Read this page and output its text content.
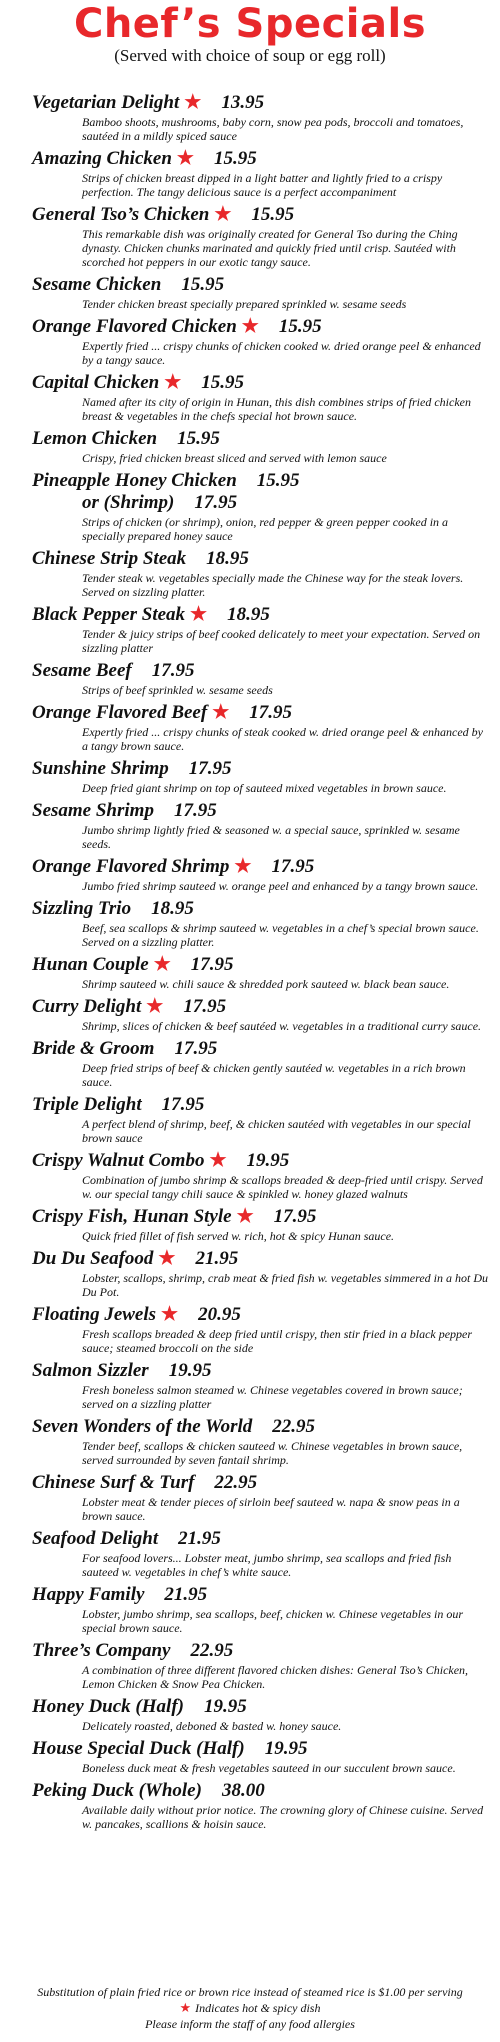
Chef’s Specials
(Served with choice of soup or egg roll)
Vegetarian Delight ★ 13.95
Bamboo shoots, mushrooms, baby corn, snow pea pods, broccoli and tomatoes, sautéed in a mildly spiced sauce
Amazing Chicken ★ 15.95
Strips of chicken breast dipped in a light batter and lightly fried to a crispy perfection. The tangy delicious sauce is a perfect accompaniment
General Tso’s Chicken ★ 15.95
This remarkable dish was originally created for General Tso during the Ching dynasty. Chicken chunks marinated and quickly fried until crisp. Sautéed with scorched hot peppers in our exotic tangy sauce.
Sesame Chicken 15.95
Tender chicken breast specially prepared sprinkled w. sesame seeds
Orange Flavored Chicken ★ 15.95
Expertly fried ... crispy chunks of chicken cooked w. dried orange peel & enhanced by a tangy sauce.
Capital Chicken ★ 15.95
Named after its city of origin in Hunan, this dish combines strips of fried chicken breast & vegetables in the chefs special hot brown sauce.
Lemon Chicken 15.95
Crispy, fried chicken breast sliced and served with lemon sauce
Pineapple Honey Chicken 15.95
or (Shrimp) 17.95
Strips of chicken (or shrimp), onion, red pepper & green pepper cooked in a specially prepared honey sauce
Chinese Strip Steak 18.95
Tender steak w. vegetables specially made the Chinese way for the steak lovers. Served on sizzling platter.
Black Pepper Steak ★ 18.95
Tender & juicy strips of beef cooked delicately to meet your expectation. Served on sizzling platter
Sesame Beef 17.95
Strips of beef sprinkled w. sesame seeds
Orange Flavored Beef ★ 17.95
Expertly fried ... crispy chunks of steak cooked w. dried orange peel & enhanced by a tangy brown sauce.
Sunshine Shrimp 17.95
Deep fried giant shrimp on top of sauteed mixed vegetables in brown sauce.
Sesame Shrimp 17.95
Jumbo shrimp lightly fried & seasoned w. a special sauce, sprinkled w. sesame seeds.
Orange Flavored Shrimp ★ 17.95
Jumbo fried shrimp sauteed w. orange peel and enhanced by a tangy brown sauce.
Sizzling Trio 18.95
Beef, sea scallops & shrimp sauteed w. vegetables in a chef’s special brown sauce. Served on a sizzling platter.
Hunan Couple ★ 17.95
Shrimp sauteed w. chili sauce & shredded pork sauteed w. black bean sauce.
Curry Delight ★ 17.95
Shrimp, slices of chicken & beef sautéed w. vegetables in a traditional curry sauce.
Bride & Groom 17.95
Deep fried strips of beef & chicken gently sautéed w. vegetables in a rich brown sauce.
Triple Delight 17.95
A perfect blend of shrimp, beef, & chicken sautéed with vegetables in our special brown sauce
Crispy Walnut Combo ★ 19.95
Combination of jumbo shrimp & scallops breaded & deep-fried until crispy. Served w. our special tangy chili sauce & spinkled w. honey glazed walnuts
Crispy Fish, Hunan Style ★ 17.95
Quick fried fillet of fish served w. rich, hot & spicy Hunan sauce.
Du Du Seafood ★ 21.95
Lobster, scallops, shrimp, crab meat & fried fish w. vegetables simmered in a hot Du Du Pot.
Floating Jewels ★ 20.95
Fresh scallops breaded & deep fried until crispy, then stir fried in a black pepper sauce; steamed broccoli on the side
Salmon Sizzler 19.95
Fresh boneless salmon steamed w. Chinese vegetables covered in brown sauce; served on a sizzling platter
Seven Wonders of the World 22.95
Tender beef, scallops & chicken sauteed w. Chinese vegetables in brown sauce, served surrounded by seven fantail shrimp.
Chinese Surf & Turf 22.95
Lobster meat & tender pieces of sirloin beef sauteed w. napa & snow peas in a brown sauce.
Seafood Delight 21.95
For seafood lovers... Lobster meat, jumbo shrimp, sea scallops and fried fish sauteed w. vegetables in chef’s white sauce.
Happy Family 21.95
Lobster, jumbo shrimp, sea scallops, beef, chicken w. Chinese vegetables in our special brown sauce.
Three’s Company 22.95
A combination of three different flavored chicken dishes: General Tso’s Chicken, Lemon Chicken & Snow Pea Chicken.
Honey Duck (Half) 19.95
Delicately roasted, deboned & basted w. honey sauce.
House Special Duck (Half) 19.95
Boneless duck meat & fresh vegetables sauteed in our succulent brown sauce.
Peking Duck (Whole) 38.00
Available daily without prior notice. The crowning glory of Chinese cuisine. Served w. pancakes, scallions & hoisin sauce.
Substitution of plain fried rice or brown rice instead of steamed rice is $1.00 per serving
★ Indicates hot & spicy dish
Please inform the staff of any food allergies
